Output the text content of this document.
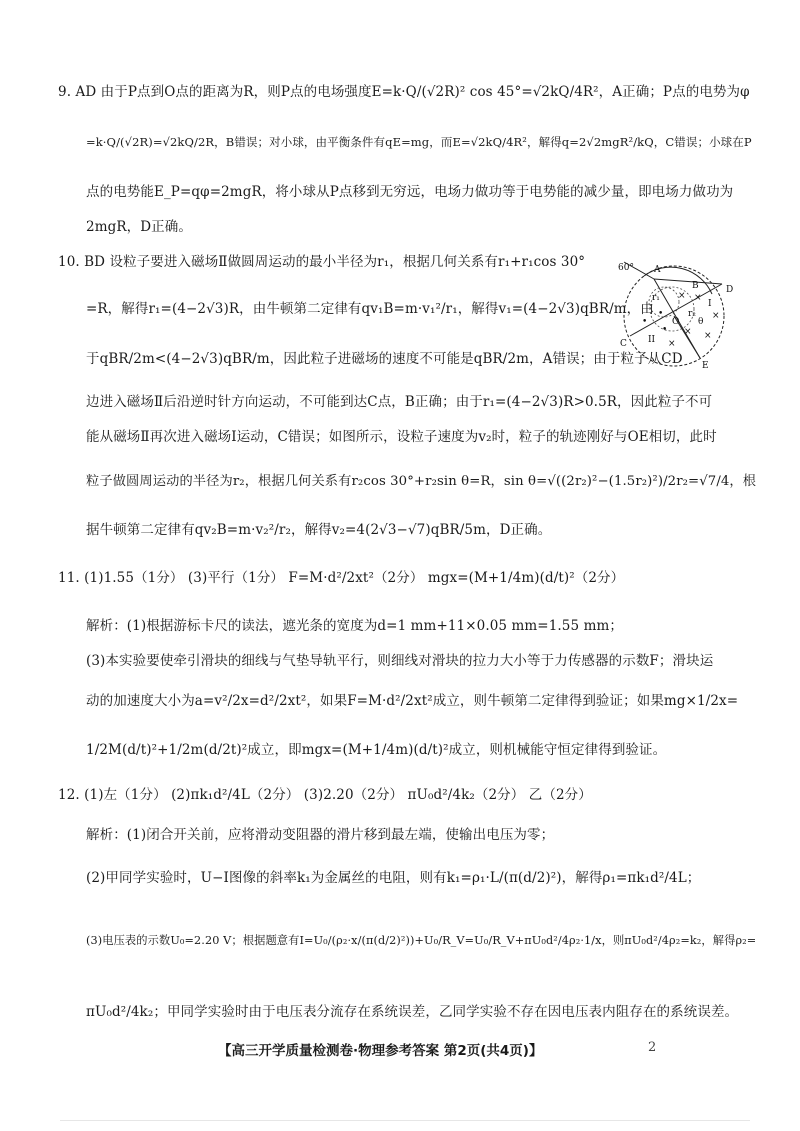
9. AD 由于P点到O点的距离为R，则P点的电场强度E=k·Q/(√2R)² cos 45°=√2kQ/4R²，A正确；P点的电势为φ
=k·Q/(√2R)=√2kQ/2R，B错误；对小球，由平衡条件有qE=mg，而E=√2kQ/4R²，解得q=2√2mgR²/kQ，C错误；小球在P
点的电势能E_P=qφ=2mgR，将小球从P点移到无穷远，电场力做功等于电势能的减少量，即电场力做功为
2mgR，D正确。
10. BD 设粒子要进入磁场Ⅱ做圆周运动的最小半径为r₁，根据几何关系有r₁+r₁cos 30°
=R，解得r₁=(4−2√3)R，由牛顿第二定律有qv₁B=m·v₁²/r₁，解得v₁=(4−2√3)qBR/m，由
于qBR/2m<(4−2√3)qBR/m，因此粒子进磁场的速度不可能是qBR/2m，A错误；由于粒子从CD
边进入磁场Ⅱ后沿逆时针方向运动，不可能到达C点，B正确；由于r₁=(4−2√3)R>0.5R，因此粒子不可
能从磁场Ⅱ再次进入磁场Ⅰ运动，C错误；如图所示，设粒子速度为v₂时，粒子的轨迹刚好与OE相切，此时
粒子做圆周运动的半径为r₂，根据几何关系有r₂cos 30°+r₂sin θ=R，sin θ=√((2r₂)²−(1.5r₂)²)/2r₂=√7/4，根
据牛顿第二定律有qv₂B=m·v₂²/r₂，解得v₂=4(2√3−√7)qBR/5m，D正确。
11. (1)1.55（1分） (3)平行（1分） F=M·d²/2xt²（2分） mgx=(M+1/4m)(d/t)²（2分）
解析：(1)根据游标卡尺的读法，遮光条的宽度为d=1 mm+11×0.05 mm=1.55 mm；
(3)本实验要使牵引滑块的细线与气垫导轨平行，则细线对滑块的拉力大小等于力传感器的示数F；滑块运
动的加速度大小为a=v²/2x=d²/2xt²，如果F=M·d²/2xt²成立，则牛顿第二定律得到验证；如果mg×1/2x=
1/2M(d/t)²+1/2m(d/2t)²成立，即mgx=(M+1/4m)(d/t)²成立，则机械能守恒定律得到验证。
12. (1)左（1分） (2)πk₁d²/4L（2分） (3)2.20（2分） πU₀d²/4k₂（2分） 乙（2分）
解析：(1)闭合开关前，应将滑动变阻器的滑片移到最左端，使输出电压为零；
(2)甲同学实验时，U−I图像的斜率k₁为金属丝的电阻，则有k₁=ρ₁·L/(π(d/2)²)，解得ρ₁=πk₁d²/4L；
(3)电压表的示数U₀=2.20 V；根据题意有I=U₀/(ρ₂·x/(π(d/2)²))+U₀/R_V=U₀/R_V+πU₀d²/4ρ₂·1/x，则πU₀d²/4ρ₂=k₂，解得ρ₂=
πU₀d²/4k₂；甲同学实验时由于电压表分流存在系统误差，乙同学实验不存在因电压表内阻存在的系统误差。
60° A
B	D
I
II
O
C
E
r₁
r₂
θ
× ×
×
×
×
×
•
•
•
【高三开学质量检测卷·物理参考答案 第2页(共4页)】	2
